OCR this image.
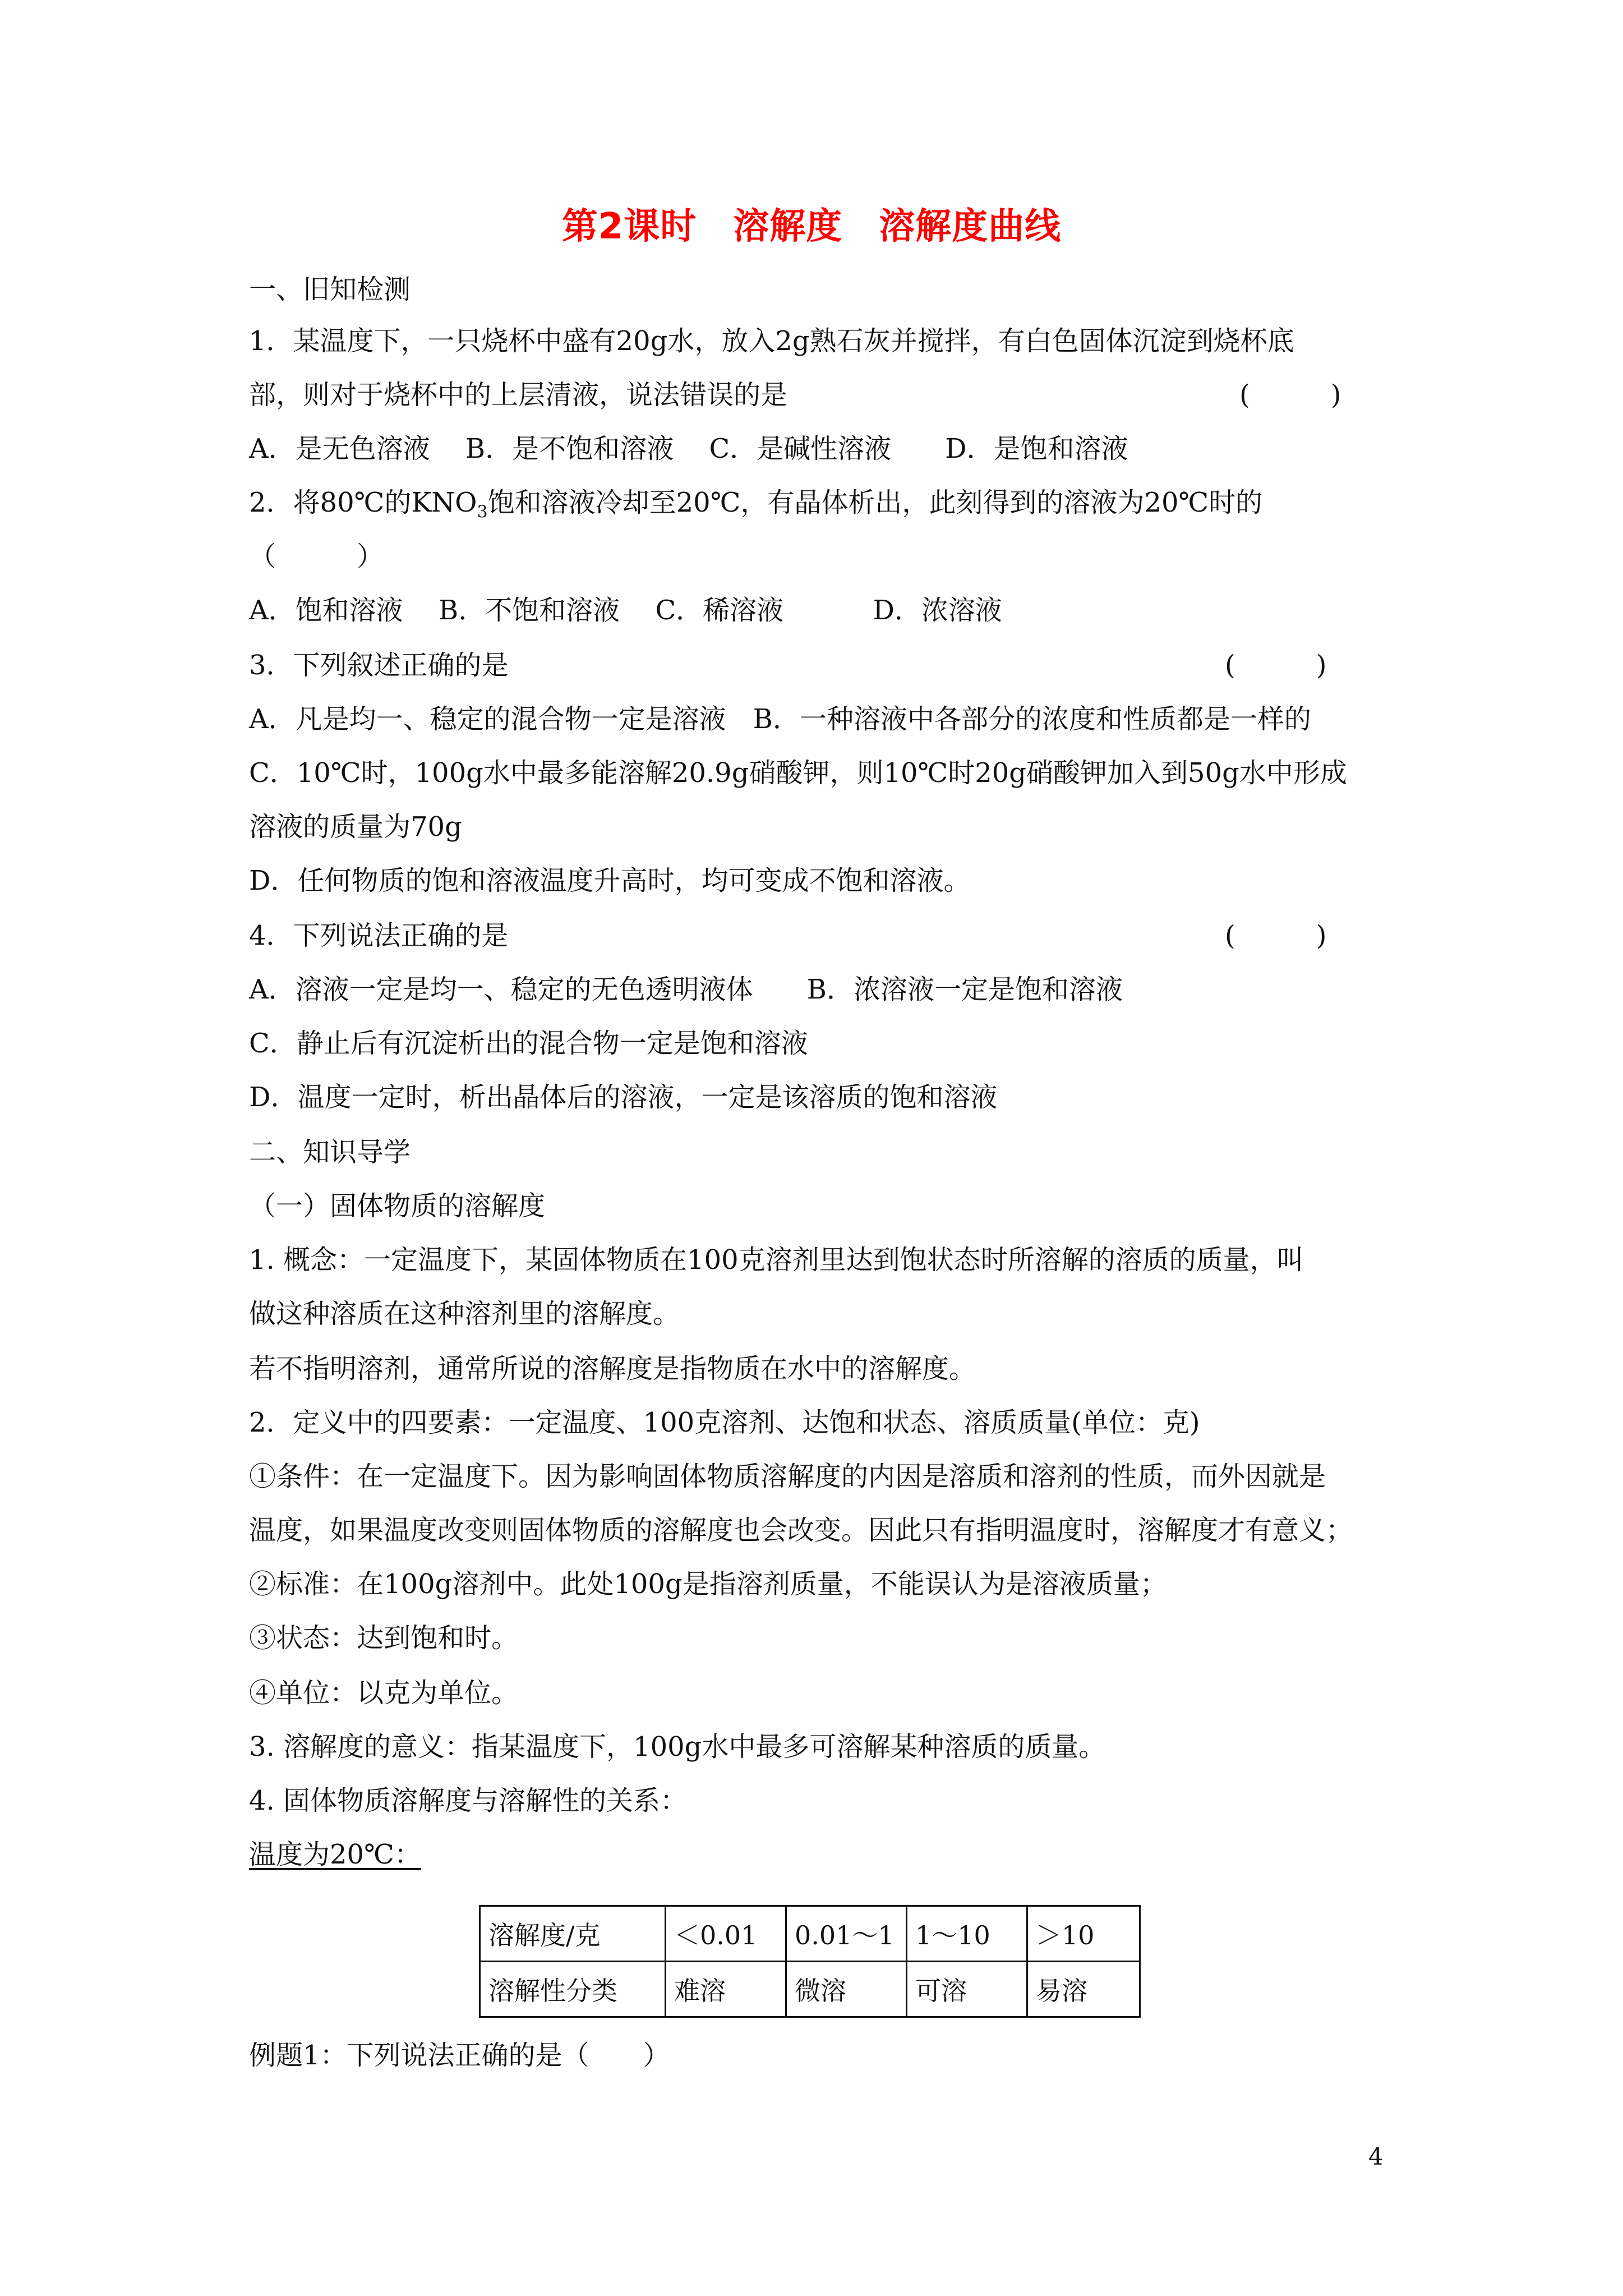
第2课时　溶解度　溶解度曲线
一、旧知检测
1．某温度下，一只烧杯中盛有20g水，放入2g熟石灰并搅拌，有白色固体沉淀到烧杯底
部，则对于烧杯中的上层清液，说法错误的是	(　　　)
A．是无色溶液　 B．是不饱和溶液　 C．是碱性溶液　　D．是饱和溶液
2．将80℃的$KNO_3$饱和溶液冷却至20℃，有晶体析出，此刻得到的溶液为20℃时的
（　　　）
A．饱和溶液　 B．不饱和溶液　 C．稀溶液　　　 D．浓溶液
3．下列叙述正确的是	(　　　)
A．凡是均一、稳定的混合物一定是溶液　B．一种溶液中各部分的浓度和性质都是一样的
C．10℃时，100g水中最多能溶解20.9g硝酸钾，则10℃时20g硝酸钾加入到50g水中形成
溶液的质量为70g
D．任何物质的饱和溶液温度升高时，均可变成不饱和溶液。
4．下列说法正确的是	(　　　)
A．溶液一定是均一、稳定的无色透明液体　　B．浓溶液一定是饱和溶液
C．静止后有沉淀析出的混合物一定是饱和溶液
D．温度一定时，析出晶体后的溶液，一定是该溶质的饱和溶液
二、知识导学
（一）固体物质的溶解度
1. 概念：一定温度下，某固体物质在100克溶剂里达到饱状态时所溶解的溶质的质量，叫
做这种溶质在这种溶剂里的溶解度。
若不指明溶剂，通常所说的溶解度是指物质在水中的溶解度。
2．定义中的四要素：一定温度、100克溶剂、达饱和状态、溶质质量(单位：克)
①条件：在一定温度下。因为影响固体物质溶解度的内因是溶质和溶剂的性质，而外因就是
温度，如果温度改变则固体物质的溶解度也会改变。因此只有指明温度时，溶解度才有意义；
②标准：在100g溶剂中。此处100g是指溶剂质量，不能误认为是溶液质量；
③状态：达到饱和时。
④单位：以克为单位。
3. 溶解度的意义：指某温度下，100g水中最多可溶解某种溶质的质量。
4. 固体物质溶解度与溶解性的关系：
温度为20℃：
溶解度/克	＜0.01	0.01～1	1～10	＞10
溶解性分类	难溶	微溶	可溶	易溶
例题1：下列说法正确的是（　　）
4
